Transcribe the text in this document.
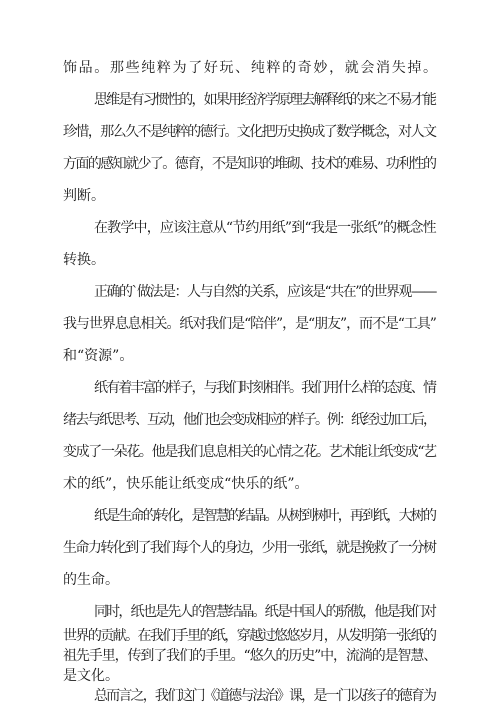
饰品。那些纯粹为了好玩、纯粹的奇妙，就会消失掉。
思维是有习惯性的，如果用经济学原理去解释纸的来之不易才能
珍惜，那么久不是纯粹的德行。文化把历史换成了数学概念，对人文
方面的感知就少了。德育，不是知识的堆砌、技术的难易、功利性的
判断。
在教学中，应该注意从“节约用纸”到“我是一张纸”的概念性
转换。
正确的`做法是：人与自然的关系，应该是“共在”的世界观——
我与世界息息相关。纸对我们是“陪伴”，是“朋友”，而不是“工具”
和“资源”。
纸有着丰富的样子，与我们时刻相伴。我们用什么样的态度、情
绪去与纸思考、互动，他们也会变成相应的样子。例：纸经过加工后，
变成了一朵花。他是我们息息相关的心情之花。艺术能让纸变成“艺
术的纸”，快乐能让纸变成“快乐的纸”。
纸是生命的转化，是智慧的结晶。从树到树叶，再到纸，大树的
生命力转化到了我们每个人的身边，少用一张纸，就是挽救了一分树
的生命。
同时，纸也是先人的智慧结晶。纸是中国人的骄傲，他是我们对
世界的贡献。在我们手里的纸，穿越过悠悠岁月，从发明第一张纸的
祖先手里，传到了我们的手里。“悠久的历史”中，流淌的是智慧、
是文化。
总而言之，我们这门《道德与法治》课，是一门以孩子的德育为
